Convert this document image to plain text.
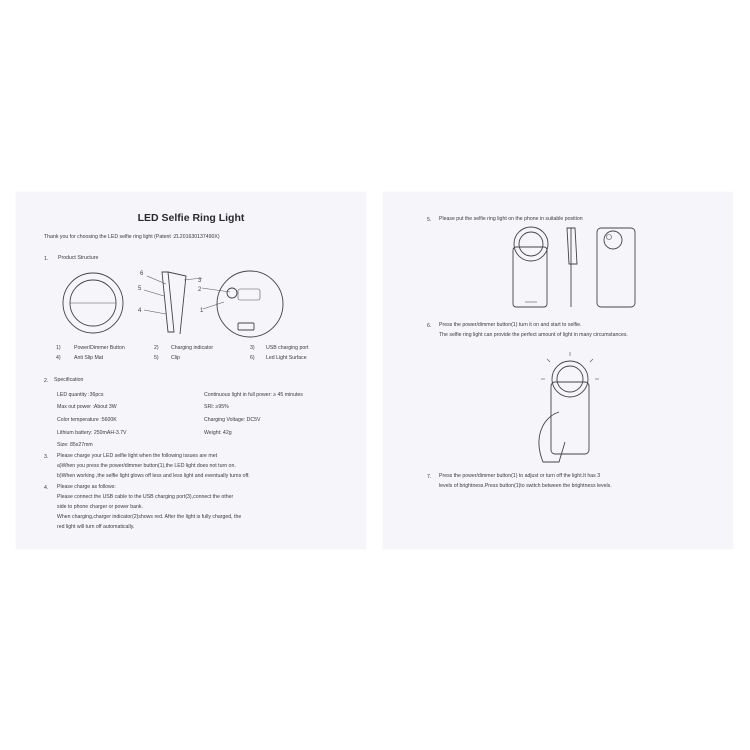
LED Selfie Ring Light
Thank you for choosing the LED selfie ring light (Patent :ZL201630137490X)
1. Product Structure
6
5
4
3
2
1
1)	Power/Dimmer Button	2) Charging indicator	3) USB charging port
4)	Anti Slip Mat	5) Clip	6) Led Light Surface
2. Specification
LED quantity :36pcs	Continuous light in full power: ≥ 45 minutes
Max out power :About 3W	SRI: ≥95%
Color temperature :5600K	Charging Voltage: DC5V
Lithium battery: 250mAH-3.7V	Weight: 42g
Size: 85x27mm
3. Please charge your LED selfie light when the following issues are met
a)When you press the power/dimmer button(1),the LED light does not turn on.
b)When working ,the selfie light glows off less and less light and eventually turns off.
4. Please charge as follows:
Please connect the USB cable to the USB charging port(3),connect the other
side to phone charger or power bank.
When charging,charger indicator(2)shows red. After the light is fully charged, the
red light will turn off automatically.
5. Please put the selfie ring light on the phone in suitable position
6. Press the power/dimmer button(1) turn it on and start to selfie.
The selfie ring light can provide the perfect amount of light in many circumstances.
7. Press the power/dimmer button(1) to adjust or turn off the light.It has 3
levels of brightness.Press button(1)to switch between the brightness levels.
